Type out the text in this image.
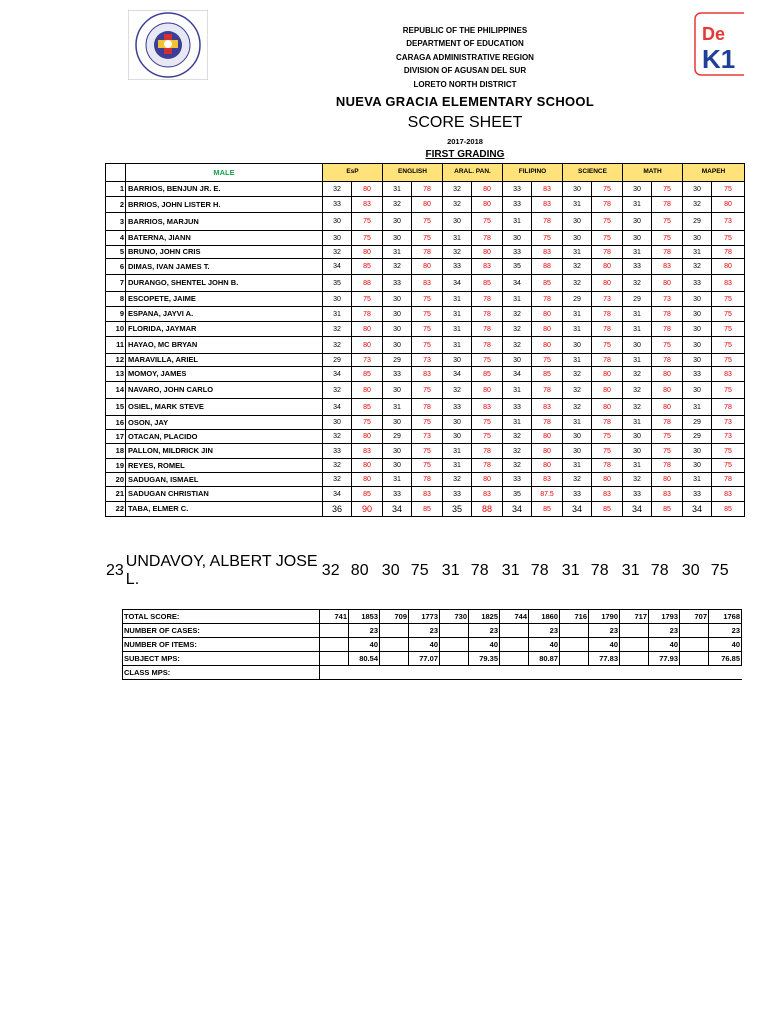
De
K1
REPUBLIC OF THE PHILIPPINES
DEPARTMENT OF EDUCATION
CARAGA ADMINISTRATIVE REGION
DIVISION OF AGUSAN DEL SUR
LORETO NORTH DISTRICT
NUEVA GRACIA ELEMENTARY SCHOOL
SCORE SHEET
2017-2018
FIRST GRADING
	MALE	EsP		ENGLISH		ARAL. PAN.		FILIPINO		SCIENCE		MATH		MAPEH	
1	BARRIOS, BENJUN JR. E.	32	80	31	78	32	80	33	83	30	75	30	75	30	75
2	BRRIOS, JOHN LISTER H.	33	83	32	80	32	80	33	83	31	78	31	78	32	80
3	BARRIOS, MARJUN	30	75	30	75	30	75	31	78	30	75	30	75	29	73
4	BATERNA, JIANN	30	75	30	75	31	78	30	75	30	75	30	75	30	75
5	BRUNO, JOHN CRIS	32	80	31	78	32	80	33	83	31	78	31	78	31	78
6	DIMAS, IVAN JAMES T.	34	85	32	80	33	83	35	88	32	80	33	83	32	80
7	DURANGO, SHENTEL JOHN B.	35	88	33	83	34	85	34	85	32	80	32	80	33	83
8	ESCOPETE, JAIME	30	75	30	75	31	78	31	78	29	73	29	73	30	75
9	ESPANA, JAYVI A.	31	78	30	75	31	78	32	80	31	78	31	78	30	75
10	FLORIDA, JAYMAR	32	80	30	75	31	78	32	80	31	78	31	78	30	75
11	HAYAO, MC BRYAN	32	80	30	75	31	78	32	80	30	75	30	75	30	75
12	MARAVILLA, ARIEL	29	73	29	73	30	75	30	75	31	78	31	78	30	75
13	MOMOY, JAMES	34	85	33	83	34	85	34	85	32	80	32	80	33	83
14	NAVARO, JOHN CARLO	32	80	30	75	32	80	31	78	32	80	32	80	30	75
15	OSIEL, MARK STEVE	34	85	31	78	33	83	33	83	32	80	32	80	31	78
16	OSON, JAY	30	75	30	75	30	75	31	78	31	78	31	78	29	73
17	OTACAN, PLACIDO	32	80	29	73	30	75	32	80	30	75	30	75	29	73
18	PALLON, MILDRICK JIN	33	83	30	75	31	78	32	80	30	75	30	75	30	75
19	REYES, ROMEL	32	80	30	75	31	78	32	80	31	78	31	78	30	75
20	SADUGAN, ISMAEL	32	80	31	78	32	80	33	83	32	80	32	80	31	78
21	SADUGAN CHRISTIAN	34	85	33	83	33	83	35	87.5	33	83	33	83	33	83
22	TABA, ELMER C.	36	90	34	85	35	88	34	85	34	85	34	85	34	85
23	UNDAVOY, ALBERT JOSE L.	32	80	30	75	31	78	31	78	31	78	31	78	30	75

TOTAL SCORE:	741	1853	709	1773	730	1825	744	1860	716	1790	717	1793	707	1768
NUMBER OF CASES:		23		23		23		23		23		23		23
NUMBER OF ITEMS:		40		40		40		40		40		40		40
SUBJECT MPS:		80.54		77.07		79.35		80.87		77.83		77.93		76.85
CLASS MPS:														
